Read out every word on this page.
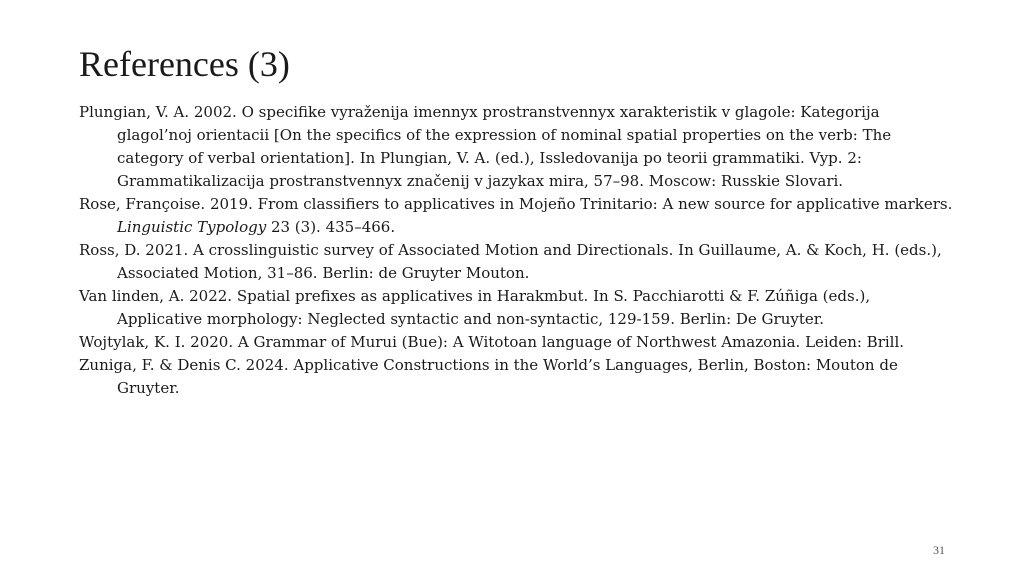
References (3)
Plungian, V. A. 2002. O specifike vyraženija imennyx prostranstvennyx xarakteristik v glagole: Kategorija glagol’noj orientacii [On the specifics of the expression of nominal spatial properties on the verb: The category of verbal orientation]. In Plungian, V. A. (ed.), Issledovanija po teorii grammatiki. Vyp. 2: Grammatikalizacija prostranstvennyx značenij v jazykax mira, 57–98. Moscow: Russkie Slovari.
Rose, Françoise. 2019. From classifiers to applicatives in Mojeño Trinitario: A new source for applicative markers. Linguistic Typology 23 (3). 435–466.
Ross, D. 2021. A crosslinguistic survey of Associated Motion and Directionals. In Guillaume, A. & Koch, H. (eds.), Associated Motion, 31–86. Berlin: de Gruyter Mouton.
Van linden, A. 2022. Spatial prefixes as applicatives in Harakmbut. In S. Pacchiarotti & F. Zúñiga (eds.), Applicative morphology: Neglected syntactic and non-syntactic, 129-159. Berlin: De Gruyter.
Wojtylak, K. I. 2020. A Grammar of Murui (Bue): A Witotoan language of Northwest Amazonia. Leiden: Brill.
Zuniga, F. & Denis C. 2024. Applicative Constructions in the World’s Languages, Berlin, Boston: Mouton de Gruyter.
31
